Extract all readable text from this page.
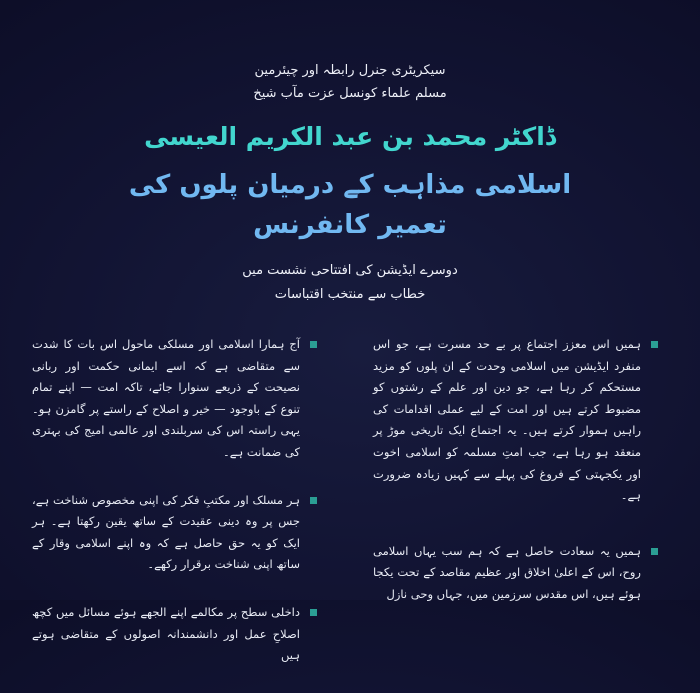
سیکریٹری جنرل رابطہ اور چیئرمین
مسلم علماء کونسل عزت مآب شیخ
ڈاکٹر محمد بن عبد الکریم العیسی
اسلامی مذاہب کے درمیان پلوں کی
تعمیر کانفرنس
دوسرے ایڈیشن کی افتتاحی نشست میں
خطاب سے منتخب اقتباسات
ہمیں اس معزز اجتماع پر بے حد مسرت ہے، جو اس منفرد ایڈیشن میں اسلامی وحدت کے ان پلوں کو مزید مستحکم کر رہا ہے، جو دین اور علم کے رشتوں کو مضبوط کرتے ہیں اور امت کے لیے عملی اقدامات کی راہیں ہموار کرتے ہیں۔ یہ اجتماع ایک تاریخی موڑ پر منعقد ہو رہا ہے، جب امتِ مسلمہ کو اسلامی اخوت اور یکجہتی کے فروغ کی پہلے سے کہیں زیادہ ضرورت ہے۔
ہمیں یہ سعادت حاصل ہے کہ ہم سب یہاں اسلامی روح، اس کے اعلیٰ اخلاق اور عظیم مقاصد کے تحت یکجا ہوئے ہیں، اس مقدس سرزمین میں، جہاں وحی نازل
آج ہمارا اسلامی اور مسلکی ماحول اس بات کا شدت سے متقاضی ہے کہ اسے ایمانی حکمت اور ربانی نصیحت کے ذریعے سنوارا جائے، تاکہ امت — اپنے تمام تنوع کے باوجود — خیر و اصلاح کے راستے پر گامزن ہو۔ یہی راستہ اس کی سربلندی اور عالمی امیج کی بہتری کی ضمانت ہے۔
ہر مسلک اور مکتبِ فکر کی اپنی مخصوص شناخت ہے، جس پر وہ دینی عقیدت کے ساتھ یقین رکھتا ہے۔ ہر ایک کو یہ حق حاصل ہے کہ وہ اپنے اسلامی وقار کے ساتھ اپنی شناخت برقرار رکھے۔
داخلی سطح پر مکالمے اپنے الجھے ہوئے مسائل میں کچھ اصلاحِ عمل اور دانشمندانہ اصولوں کے متقاضی ہوتے ہیں
